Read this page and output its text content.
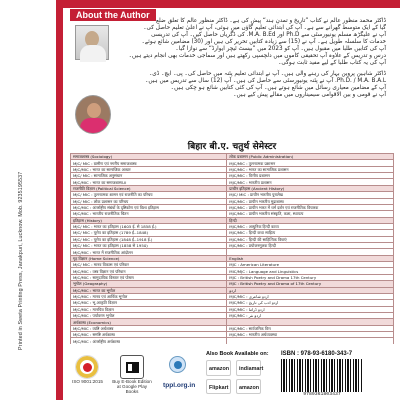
Printed in Sweta Printing Press, Janakpuri, Lucknow. Mob. 9235195537
About the Author
ڈاکٹر محمد منظور عالم نے کتاب ”تاریخ و تمدنِ ہند“ پیش کی ہے۔ ڈاکٹر منظور عالم کا تعلق ضلع
گیا کے ایک متوسط گھرانے سے ہے۔ آپ کی ابتدائی تعلیم گاؤں میں ہوئی، آپ نے اعلیٰ تعلیم حاصل کی۔
آپ نے علیگڑھ مسلم یونیورسٹی سے Ph.D اور M.A. B.Ed. کی ڈگریاں حاصل کیں۔ آپ کی تدریسی
خدمات کا سلسلہ طویل ہے۔ آپ نے (15) سے زیادہ کتابیں تحریر کی ہیں اور (30) مضامین شائع ہوئے۔
آپ کی کتابیں طلبا میں مقبول ہیں۔ آپ کو 2023 میں ”بیسٹ ٹیچر ایوارڈ“ سے نوازا گیا۔
درس و تدریس کے علاوہ آپ تحقیقی کاموں میں دلچسپی رکھتے ہیں اور سماجی خدمات بھی انجام دیتے ہیں۔
آپ کی یہ کتاب طلبا کے لیے مفید ثابت ہوگی۔
ڈاکٹر شاہین پروین بہار کی رہنے والی ہیں۔ آپ نے ابتدائی تعلیم پٹنہ میں حاصل کی۔ پی۔ ایچ۔ ڈی۔
Ph.D. / M.A. B.A.L. آپ نے پٹنہ یونیورسٹی سے حاصل کی ہیں۔ آپ (12) سال سے تدریس میں ہیں۔
آپ کے مضامین معیاری رسائل میں شائع ہوتے ہیں۔ آپ کی کئی کتابیں شائع ہو چکی ہیں۔
آپ نے قومی و بین الاقوامی سیمیناروں میں مقالے پیش کیے ہیں۔
बिहार बी.ए. चतुर्थ सेमेस्टर
समाजशास्त्र (Sociology)	लोक प्रशासन (Public Administration)
MJC/ MIC : ग्रामीण एवं नगरीय समाजशास्त्र	MJC/MIC : तुलनात्मक प्रशासन
MJC/MIC : भारत का सामाजिक आधार	MJC/MIC : भारत का सामाजिक प्रशासन
MJC/ MIC : सामाजिक अनुसंधान	MJC/MIC : वित्तीय प्रशासन
MJC/MIC : भारत का समाजशास्त्र-II	MJC/MIC : भारतीय प्रशासन
राजनीति विज्ञान (Political Science)	प्राचीन इतिहास (Ancient History)
MJC/ MIC : तुलनात्मक शासन एवं राजनीति का परिचय	MJC/ MIC : प्राचीन भारतीय पुरालेख
MJC/ MIC : लोक प्रशासन का परिचय	MJC/MIC : प्राचीन भारतीय मुद्राशास्त्र
MJC/MIC : अंतर्राष्ट्रीय संबंधों के दृष्टिकोण एवं विश्व इतिहास	MJC/MIC : प्राचीन भारत में धर्म दर्शन एवं राजनीतिक विचारक
MJC/MIC : भारतीय राजनीतिक चिंतन	MJC/MIC : प्राचीन भारतीय संस्कृति, कला, स्थापत्य
इतिहास (History)	हिन्दी
MJC/ MIC : भारत का इतिहास (1605 ई. से 1858 ई.)	MJC/MIC : आधुनिक हिन्दी काव्य
MJC/ MIC : यूरोप का इतिहास (1789 ई.-1848)	MJC/MIC : हिन्दी कथा साहित्य
MJC/ MIC : यूरोप का इतिहास (1848 ई.-1918 ई.)	MJC/MIC : हिन्दी की साहित्यिक विधाएं
MJC/ MIC : भारत का इतिहास (1858 से 1950)	MJC/MIC : प्रयोजनमूलक हिन्दी
MJC/MIC : भारत में राजनीतिक आंदोलन	
गृह विज्ञान (Home Science)	English
MJC/ MIC : मानव विकास एवं परिवार	MJC : American Literature
MJC/MIC : वस्त्र विज्ञान एवं परिधान	MIC/MJC : Language and Linguistics
MJC/MIC : सामुदायिक विस्तार एवं पोषण	MJC : British Poetry and Drama 17th Century
भूगोल (Geography)	MJC : British Poetry and Drama of 17th Century
MJC/MIC : भारत का भूगोल	اردو
MJC/MIC : मानव एवं आर्थिक भूगोल	MJC/MIC : اردو شاعری
MJC/MIC : भू-आकृति विज्ञान	MJC/MIC : اردو ادب کی تاریخ
MJC/MIC : मानचित्र विज्ञान	MJC/MIC : اردو ڈراما
MJC/MIC : पर्यावरण भूगोल	MJC/MIC : اردو نثر
अर्थशास्त्र (Economics)	
MJC/MIC : व्यष्टि अर्थशास्त्र	MJC/MIC : सार्वजनिक वित्त
MJC/MIC : समष्टि अर्थशास्त्र	MJC/MIC : भारतीय अर्थव्यवस्था
MJC/MIC : अंतर्राष्ट्रीय अर्थशास्त्र	
ISO 9001:2015	Buy E-Book Edition at Google Play Books
tppl.org.in
Also Book Available on:
amazon indiamart
Flipkart amazon
ISBN : 978-93-6180-343-7
9789361803437
